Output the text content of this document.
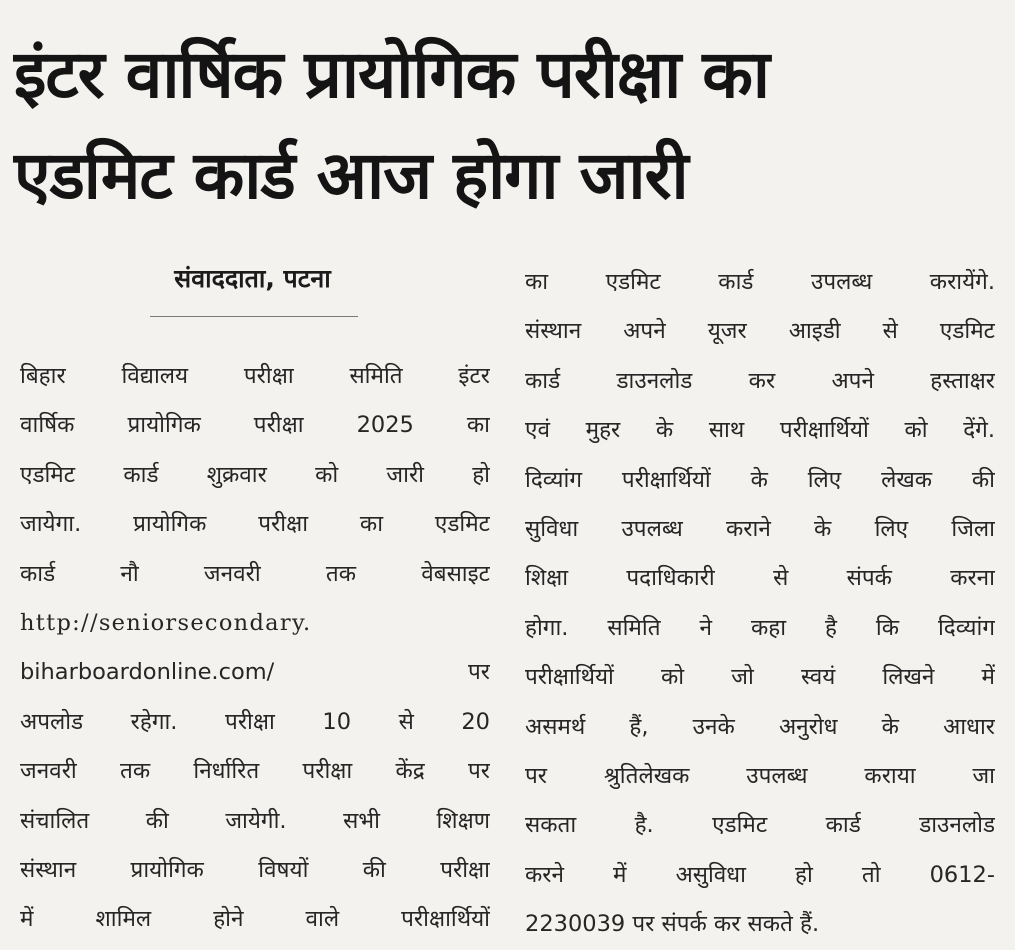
इंटर वार्षिक प्रायोगिक परीक्षा का
एडमिट कार्ड आज होगा जारी
संवाददाता, पटना
बिहार विद्यालय परीक्षा समिति इंटर
वार्षिक प्रायोगिक परीक्षा 2025 का
एडमिट कार्ड शुक्रवार को जारी हो
जायेगा. प्रायोगिक परीक्षा का एडमिट
कार्ड नौ जनवरी तक वेबसाइट
http://seniorsecondary.
biharboardonline.com/ पर
अपलोड रहेगा. परीक्षा 10 से 20
जनवरी तक निर्धारित परीक्षा केंद्र पर
संचालित की जायेगी. सभी शिक्षण
संस्थान प्रायोगिक विषयों की परीक्षा
में शामिल होने वाले परीक्षार्थियों
का एडमिट कार्ड उपलब्ध करायेंगे.
संस्थान अपने यूजर आइडी से एडमिट
कार्ड डाउनलोड कर अपने हस्ताक्षर
एवं मुहर के साथ परीक्षार्थियों को देंगे.
दिव्यांग परीक्षार्थियों के लिए लेखक की
सुविधा उपलब्ध कराने के लिए जिला
शिक्षा पदाधिकारी से संपर्क करना
होगा. समिति ने कहा है कि दिव्यांग
परीक्षार्थियों को जो स्वयं लिखने में
असमर्थ हैं, उनके अनुरोध के आधार
पर श्रुतिलेखक उपलब्ध कराया जा
सकता है. एडमिट कार्ड डाउनलोड
करने में असुविधा हो तो 0612-
2230039 पर संपर्क कर सकते हैं.
